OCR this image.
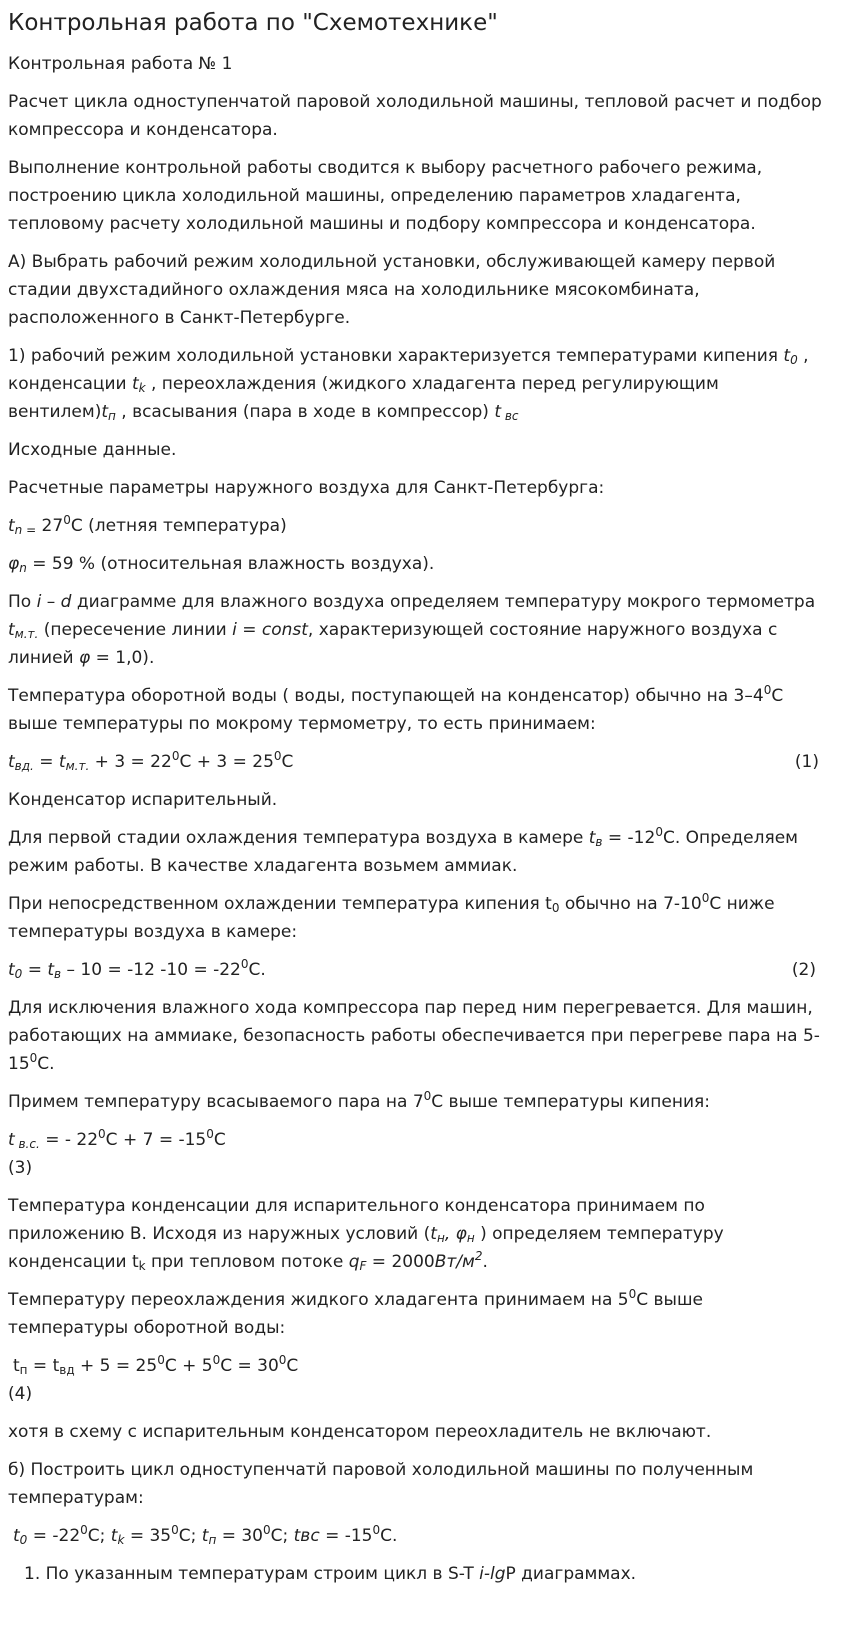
Контрольная работа по "Схемотехнике"

Контрольная работа № 1

Расчет цикла одноступенчатой паровой холодильной машины, тепловой расчет и подбор компрессора и конденсатора.

Выполнение контрольной работы сводится к выбору расчетного рабочего режима, построению цикла холодильной машины, определению параметров хладагента, тепловому расчету холодильной машины и подбору компрессора и конденсатора.

А) Выбрать рабочий режим холодильной установки, обслуживающей камеру первой стадии двухстадийного охлаждения мяса на холодильнике мясокомбината, расположенного в Санкт-Петербурге.

1) рабочий режим холодильной установки характеризуется температурами кипения $t_0$ , конденсации $t_k$ , переохлаждения (жидкого хладагента перед регулирующим $вентилем)t_п$ , всасывания (пара в ходе в компрессор) t $_{вс}$

Исходные данные.

Расчетные параметры наружного воздуха для Санкт-Петербурга:

$t_n$ $_=$ $27^0С$ (летняя температура)

$\varphi_n = 59$ % (относительная влажность воздуха).

По i – d диаграмме для влажного воздуха определяем температуру мокрого термометра $t_{м.т.}$ (пересечение линии i = const, характеризующей состояние наружного воздуха с линией φ = 1,0).

Температура оборотной воды ( воды, поступающей на конденсатор) обычно на $3-4^0С$ выше температуры по мокрому термометру, то есть принимаем:

$t_{вд.} = t_{м.т.} + 3 = 22^0С + 3 = 25^0С$	(1)

Конденсатор испарительный.

Для первой стадии охлаждения температура воздуха в камере $t_в = -12^0С$. Определяем режим работы. В качестве хладагента возьмем аммиак.

При непосредственном охлаждении температура кипения $t_0$ обычно на $7-10^0С$ ниже температуры воздуха в камере:

$t_0 = t_в - 10 = -12$ $-10 = -22^0С$.	(2)

Для исключения влажного хода компрессора пар перед ним перегревается. Для машин, работающих на аммиаке, безопасность работы обеспечивается при перегреве пара на $5-15^0С$.

Примем температуру всасываемого пара на $7^0С$ выше температуры кипения:

t $_{в.с.}$ = - $22^0С + 7 = -15^0С$
(3)

Температура конденсации для испарительного конденсатора принимаем по приложению В. Исходя из наружных условий ($t_н$, $\varphi_н$ ) определяем температуру конденсации $t_k$ при тепловом потоке $q_F = 2000Вт/м^2$.

Температуру переохлаждения жидкого хладагента принимаем на $5^0С$ выше температуры оборотной воды:

$t_п = t_{вд} + 5 = 25^0С + 5^0С = 30^0С$
(4)

хотя в схему с испарительным конденсатором переохладитель не включают.

б) Построить цикл одноступенчатй паровой холодильной машины по полученным температурам:

$t_0 = -22^0С$; $t_k = 35^0С$; $t_п = 30^0С$; tвс = $-15^0С$.

1. По указанным температурам строим цикл в S-T i-lgP диаграммах.
